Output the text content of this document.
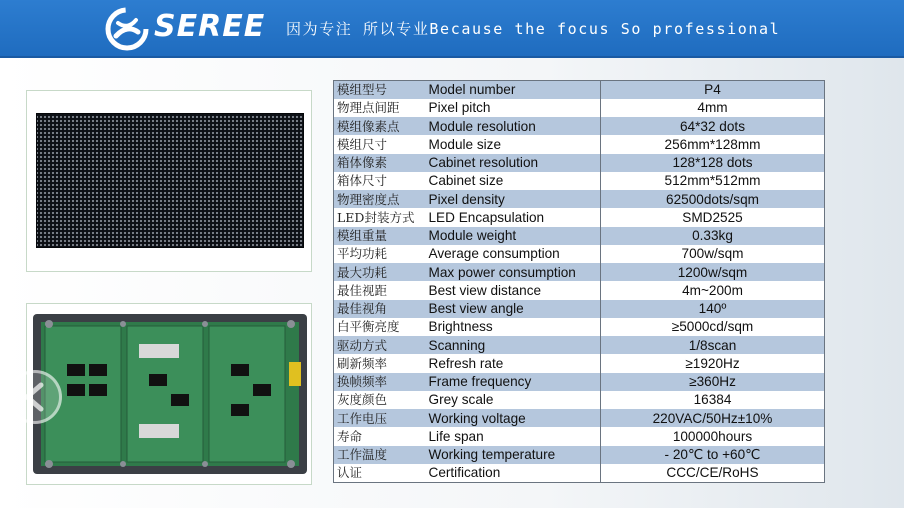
SEREE 因为专注 所以专业Because the focus So professional
模组型号	Model number	P4
物理点间距	Pixel pitch	4mm
模组像素点	Module resolution	64*32 dots
模组尺寸	Module size	256mm*128mm
箱体像素	Cabinet resolution	128*128 dots
箱体尺寸	Cabinet size	512mm*512mm
物理密度点	Pixel density	62500dots/sqm
LED封装方式	LED Encapsulation	SMD2525
模组重量	Module weight	0.33kg
平均功耗	Average consumption	700w/sqm
最大功耗	Max power consumption	1200w/sqm
最佳视距	Best view distance	4m~200m
最佳视角	Best view angle	140º
白平衡亮度	Brightness	≥5000cd/sqm
驱动方式	Scanning	1/8scan
刷新频率	Refresh rate	≥1920Hz
换帧频率	Frame frequency	≥360Hz
灰度颜色	Grey scale	16384
工作电压	Working voltage	220VAC/50Hz±10%
寿命	Life span	100000hours
工作温度	Working temperature	- 20℃ to +60℃
认证	Certification	CCC/CE/RoHS
